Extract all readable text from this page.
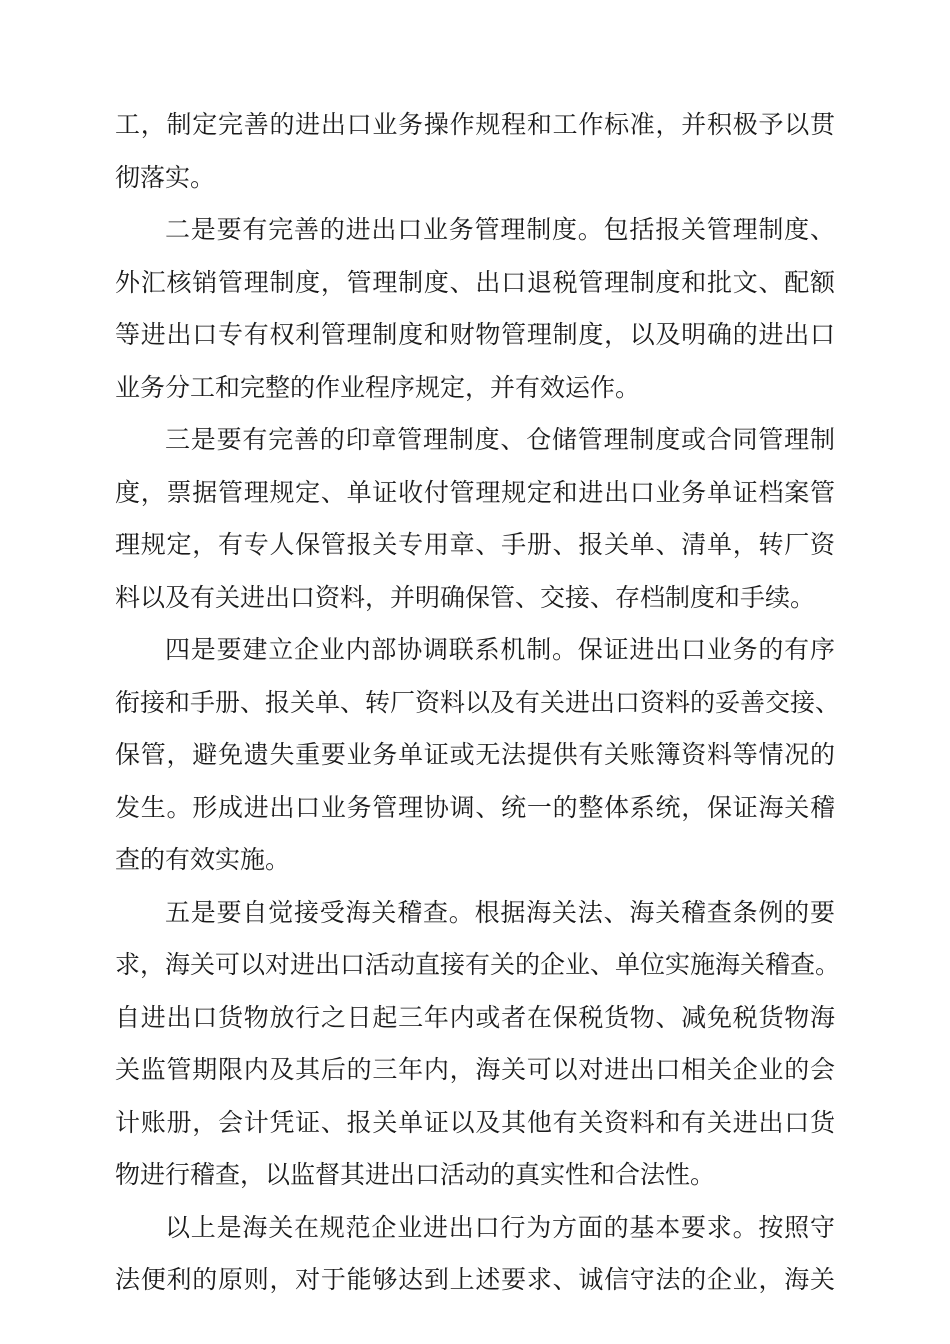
工，制定完善的进出口业务操作规程和工作标准，并积极予以贯
彻落实。
二是要有完善的进出口业务管理制度。包括报关管理制度、
外汇核销管理制度，管理制度、出口退税管理制度和批文、配额
等进出口专有权利管理制度和财物管理制度，以及明确的进出口
业务分工和完整的作业程序规定，并有效运作。
三是要有完善的印章管理制度、仓储管理制度或合同管理制
度，票据管理规定、单证收付管理规定和进出口业务单证档案管
理规定，有专人保管报关专用章、手册、报关单、清单，转厂资
料以及有关进出口资料，并明确保管、交接、存档制度和手续。
四是要建立企业内部协调联系机制。保证进出口业务的有序
衔接和手册、报关单、转厂资料以及有关进出口资料的妥善交接、
保管，避免遗失重要业务单证或无法提供有关账簿资料等情况的
发生。形成进出口业务管理协调、统一的整体系统，保证海关稽
查的有效实施。
五是要自觉接受海关稽查。根据海关法、海关稽查条例的要
求，海关可以对进出口活动直接有关的企业、单位实施海关稽查。
自进出口货物放行之日起三年内或者在保税货物、减免税货物海
关监管期限内及其后的三年内，海关可以对进出口相关企业的会
计账册，会计凭证、报关单证以及其他有关资料和有关进出口货
物进行稽查，以监督其进出口活动的真实性和合法性。
以上是海关在规范企业进出口行为方面的基本要求。按照守
法便利的原则，对于能够达到上述要求、诚信守法的企业，海关
